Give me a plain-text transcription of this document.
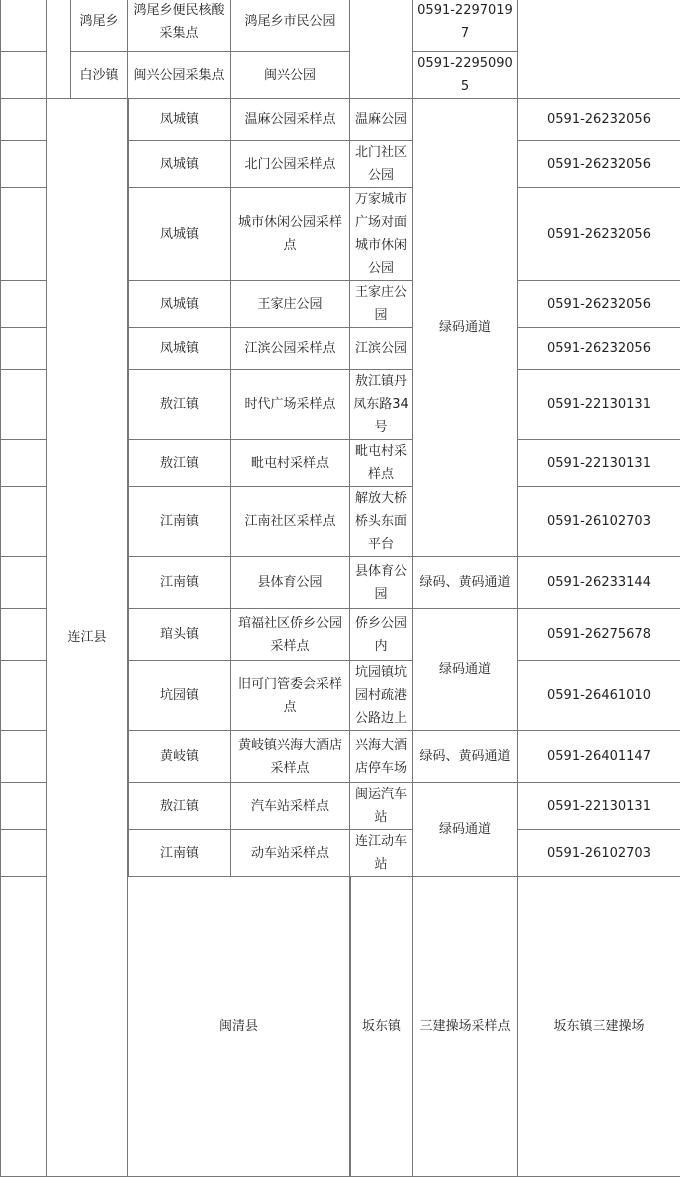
		鸿尾乡	鸿尾乡便民核酸采集点	鸿尾乡市民公园		0591-22970197		
		白沙镇	闽兴公园采集点	闽兴公园		0591-22950905		
	连江县		凤城镇	温麻公园采样点	温麻公园	绿码通道	0591-26232056	
			凤城镇	北门公园采样点	北门社区公园		0591-26232056	
			凤城镇	城市休闲公园采样点	万家城市广场对面城市休闲公园		0591-26232056	
			凤城镇	王家庄公园	王家庄公园		0591-26232056	
			凤城镇	江滨公园采样点	江滨公园		0591-26232056	
			敖江镇	时代广场采样点	敖江镇丹凤东路34号		0591-22130131	
			敖江镇	毗屯村采样点	毗屯村采样点		0591-22130131	
			江南镇	江南社区采样点	解放大桥桥头东面平台		0591-26102703	
			江南镇	县体育公园	县体育公园	绿码、黄码通道	0591-26233144	
			琯头镇	琯福社区侨乡公园采样点	侨乡公园内	绿码通道	0591-26275678	
			坑园镇	旧可门管委会采样点	坑园镇坑园村疏港公路边上		0591-26461010	
			黄岐镇	黄岐镇兴海大酒店采样点	兴海大酒店停车场	绿码、黄码通道	0591-26401147	
			敖江镇	汽车站采样点	闽运汽车站	绿码通道	0591-22130131	
			江南镇	动车站采样点	连江动车站		0591-26102703	
			闽清县		坂东镇	三建操场采样点	坂东镇三建操场			
